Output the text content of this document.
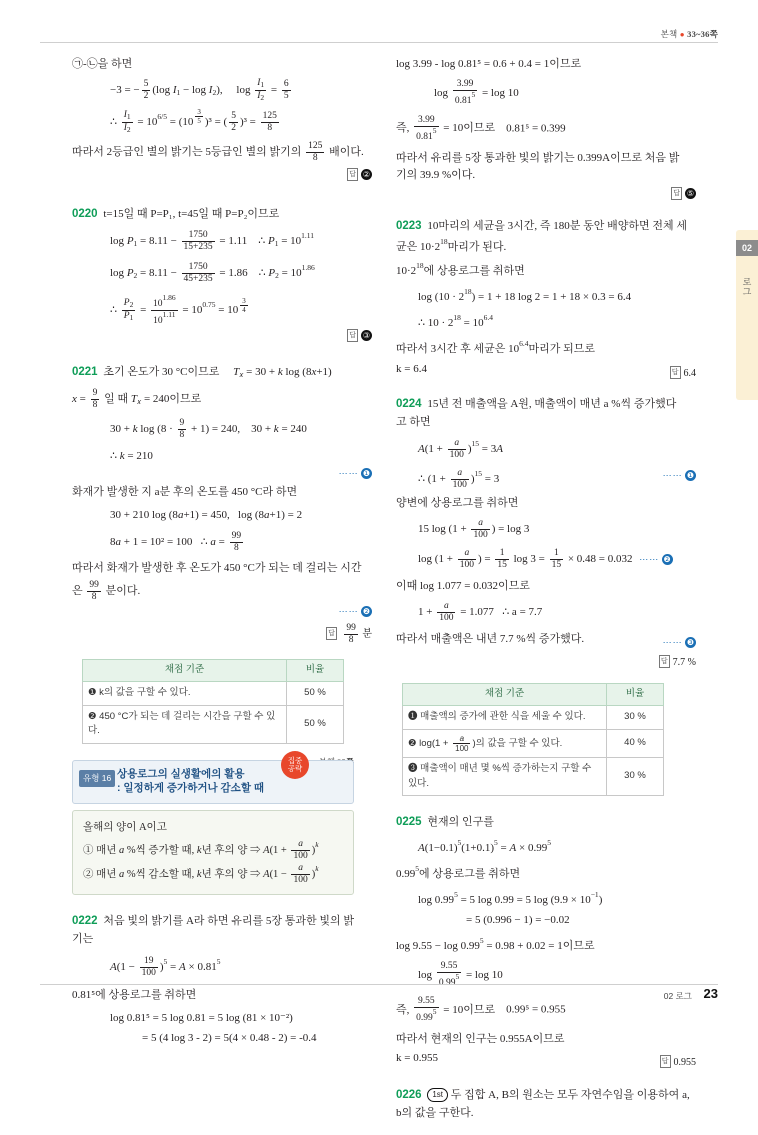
본책 ● 33~36쪽
02
로그
㉠-㉡을 하면
−3 = − $\frac{5}{2} (\log$ $I_1 - \log I_2$), $\log \frac{I_1}{I_2} = \frac{6}{5}$
∴ $\frac{I_1}{I_2} = 10^{6/5} = (10$ $^{\frac{3}{5}}$ )³ = ( $\frac{5}{2} )^3 = \frac{125}{8}$
따라서 2등급인 별의 밝기는 5등급인 별의 밝기의 $\frac{125}{8}$ 배이다.
답 ②
0220 t=15일 때 P=P₁, t=45일 때 P=P₂이므로
$\log P_1 = 8.11 - \frac{1750}{15+235} = 1.11$ ∴ $P_1 = 10^{1.11}$
$\log P_2 = 8.11 - \frac{1750}{45+235} = 1.86$ ∴ $P_2 = 10^{1.86}$
∴ $\frac{P_2}{P_1} = \frac{10^{1.86}}{10^{1.11}} = 10^{0.75} = 10$ $^{\frac{3}{4}}$
답 ③
0221 초기 온도가 30 °C이므로 $T_𝑥 = 30 + k$ log (8x+1)
$x = \frac{9}{8}$ 일 때 $T_𝑥 = 240$이므로
30 + k $\log (8 \cdot \frac{9}{8} + 1) = 240$, 30 + k = 240
∴ k = 210
⋯⋯ ❶
화재가 발생한 지 a분 후의 온도를 450 °C라 하면
30 + 210 log (8a+1) = 450, log (8a+1) = 2
8a + 1 = 10² = 100 ∴ $a = \frac{99}{8}$
따라서 화재가 발생한 후 온도가 450 °C가 되는 데 걸리는 시간
은 $\frac{99}{8}$ 분이다.
⋯⋯ ❷
답 $\frac{99}{8}$ 분
채점 기준	비율
❶ k의 값을 구할 수 있다.	50 %
❷ 450 °C가 되는 데 걸리는 시간을 구할 수 있다.	50 %
유형 16 상용로그의 실생활에의 활용
: 일정하게 증가하거나 감소할 때
집중
공략
올해의 양이 A이고
① 매년 a %씩 증가할 때, k년 후의 양 ⇒ $A(1 + \frac{a}{100} )^k$
② 매년 a %씩 감소할 때, k년 후의 양 ⇒ $A(1 - \frac{a}{100} )^k$
0222 처음 빛의 밝기를 A라 하면 유리를 5장 통과한 빛의 밝
기는
$A(1 - \frac{19}{100} )^5 = A \times 0.81^5$
0.81⁵에 상용로그를 취하면
log 0.81⁵ = 5 log 0.81 = 5 log (81 × 10⁻²)
= 5 (4 log 3 - 2) = 5(4 × 0.48 - 2) = -0.4
log 3.99 - log 0.81⁵ = 0.6 + 0.4 = 1이므로
$\log \frac{3.99}{0.81^5} = \log 10$
즉, $\frac{3.99}{0.81^5} = 10$이므로 0.81⁵ = 0.399
따라서 유리를 5장 통과한 빛의 밝기는 0.399A이므로 처음 밝
기의 39.9 %이다.
답 ⑤
0223 10마리의 세균을 3시간, 즉 180분 동안 배양하면 전체 세
균은 $10\cdot 2^{18}$마리가 된다.
$10\cdot 2^{18}$에 상용로그를 취하면
$\log (10 \cdot 2^{18}) = 1 + 18$ log 2 = 1 + 18 × 0.3 = 6.4
∴ $10 \cdot 2^{18} = 10^{6.4}$
따라서 3시간 후 세균은 $10^{6.4}$마리가 되므로
k = 6.4	답 6.4
0224 15년 전 매출액을 A원, 매출액이 매년 a %씩 증가했다
고 하면
$A(1 + \frac{a}{100} )^{15} = 3A$
∴ $(1 + \frac{a}{100} )^{15} = 3$	⋯⋯ ❶
양변에 상용로그를 취하면
15 $\log (1 + \frac{a}{100}$ ) = log 3
$\log (1 + \frac{a}{100}$ ) = $\frac{1}{15}$ $\log 3 = \frac{1}{15} \times 0.48 = 0.032$ ⋯⋯ ❷
이때 log 1.077 = 0.032이므로
$1 + \frac{a}{100} = 1.077$ ∴ a = 7.7
따라서 매출액은 내년 7.7 %씩 증가했다.	⋯⋯ ❸
답 7.7 %
채점 기준	비율
❶ 매출액의 증가에 관한 식을 세울 수 있다.	30 %
❷ $\log(1 + \frac{a}{100}$ )의 값을 구할 수 있다.	40 %
❸ 매출액이 매년 몇 %씩 증가하는지 구할 수 있다.	30 %
0225 현재의 인구를
$A(1-0.1)^5(1+0.1)^5 = A \times 0.99^5$
0.99$^5$에 상용로그를 취하면
$\log 0.99^5 = 5$ log 0.99 = 5 $\log (9.9 \times 10^{-1})$
= 5 (0.996 − 1) = −0.02
$\log 9.55 - \log 0.99^5 = 0.98 + 0.02 = 1$이므로
$\log \frac{9.55}{^5} = \log 10$
즉, $\frac{9.55}{0.99^5} = 10$이므로 0.99⁵ = 0.955
따라서 현재의 인구는 0.955A이므로
k = 0.955	답 0.955
0226 1st 두 집합 A, B의 원소는 모두 자연수임을 이용하여 a,
b의 값을 구한다.
02 로그 23
